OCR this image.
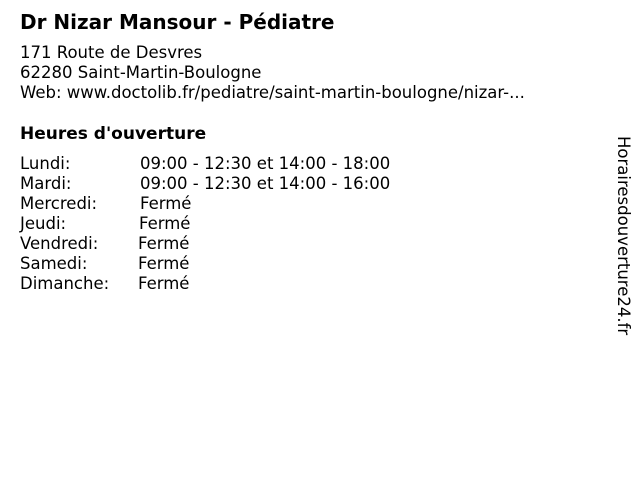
Dr Nizar Mansour - Pédiatre
171 Route de Desvres
62280 Saint-Martin-Boulogne
Web: www.doctolib.fr/pediatre/saint-martin-boulogne/nizar-...
Heures d'ouverture
Lundi:	09:00 - 12:30 et 14:00 - 18:00
Mardi:	09:00 - 12:30 et 14:00 - 16:00
Mercredi:	Fermé
Jeudi:	Fermé
Vendredi: Fermé
Samedi:	Fermé
Dimanche: Fermé	Horairesdouverture24.fr
